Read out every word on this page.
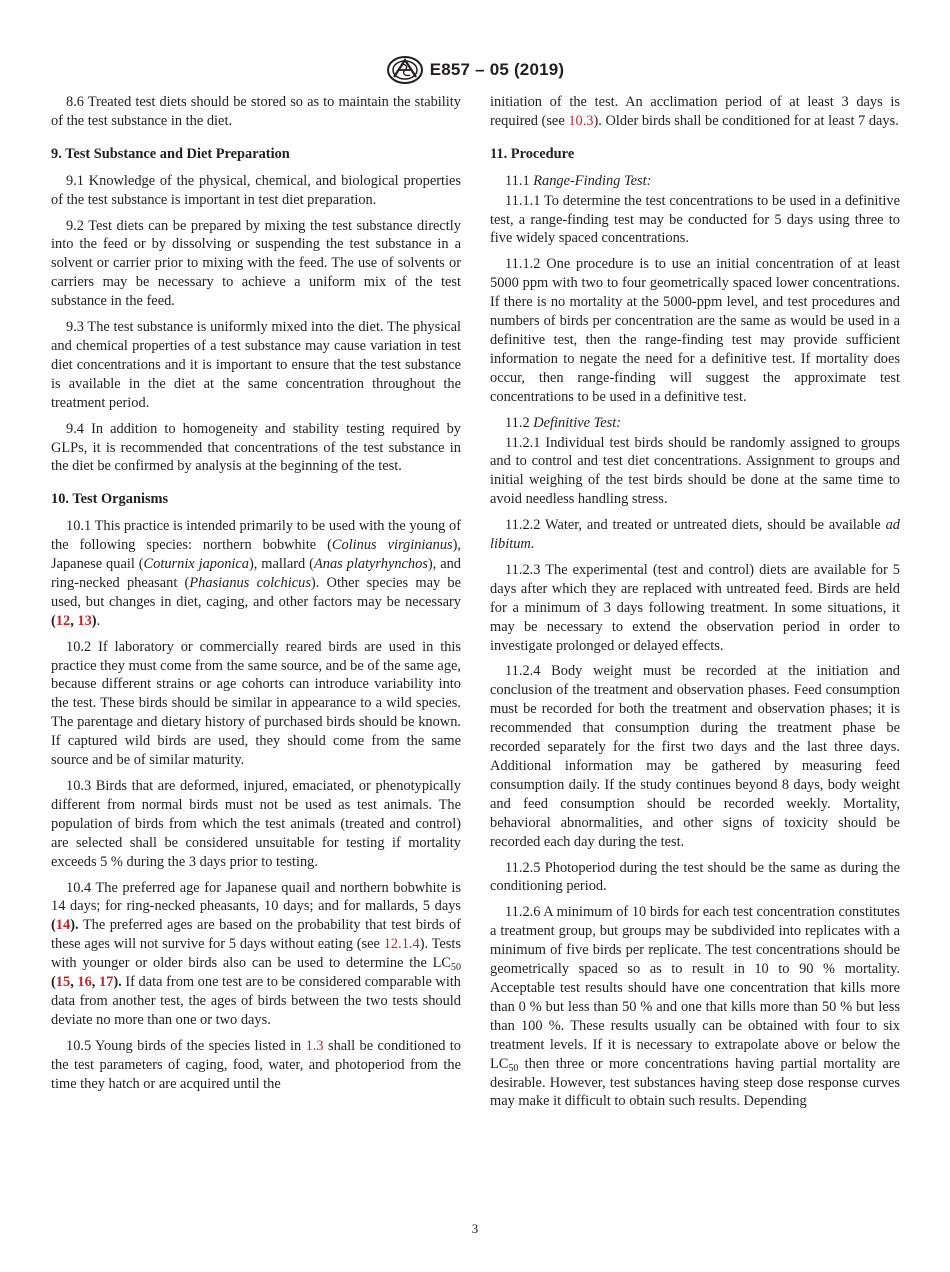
E857 – 05 (2019)

8.6 Treated test diets should be stored so as to maintain the stability of the test substance in the diet.

9. Test Substance and Diet Preparation

9.1 Knowledge of the physical, chemical, and biological properties of the test substance is important in test diet preparation.

9.2 Test diets can be prepared by mixing the test substance directly into the feed or by dissolving or suspending the test substance in a solvent or carrier prior to mixing with the feed. The use of solvents or carriers may be necessary to achieve a uniform mix of the test substance in the feed.

9.3 The test substance is uniformly mixed into the diet. The physical and chemical properties of a test substance may cause variation in test diet concentrations and it is important to ensure that the test substance is available in the diet at the same concentration throughout the treatment period.

9.4 In addition to homogeneity and stability testing required by GLPs, it is recommended that concentrations of the test substance in the diet be confirmed by analysis at the beginning of the test.

10. Test Organisms

10.1 This practice is intended primarily to be used with the young of the following species: northern bobwhite (Colinus virginianus), Japanese quail (Coturnix japonica), mallard (Anas platyrhynchos), and ring-necked pheasant (Phasianus colchicus). Other species may be used, but changes in diet, caging, and other factors may be necessary (12, 13).

10.2 If laboratory or commercially reared birds are used in this practice they must come from the same source, and be of the same age, because different strains or age cohorts can introduce variability into the test. These birds should be similar in appearance to a wild species. The parentage and dietary history of purchased birds should be known. If captured wild birds are used, they should come from the same source and be of similar maturity.

10.3 Birds that are deformed, injured, emaciated, or phenotypically different from normal birds must not be used as test animals. The population of birds from which the test animals (treated and control) are selected shall be considered unsuitable for testing if mortality exceeds 5 % during the 3 days prior to testing.

10.4 The preferred age for Japanese quail and northern bobwhite is 14 days; for ring-necked pheasants, 10 days; and for mallards, 5 days (14). The preferred ages are based on the probability that test birds of these ages will not survive for 5 days without eating (see 12.1.4). Tests with younger or older birds also can be used to determine the $LC_{50}$ (15, 16, 17). If data from one test are to be considered comparable with data from another test, the ages of birds between the two tests should deviate no more than one or two days.

10.5 Young birds of the species listed in 1.3 shall be conditioned to the test parameters of caging, food, water, and photoperiod from the time they hatch or are acquired until the

initiation of the test. An acclimation period of at least 3 days is required (see 10.3). Older birds shall be conditioned for at least 7 days.

11. Procedure

11.1 Range-Finding Test:

11.1.1 To determine the test concentrations to be used in a definitive test, a range-finding test may be conducted for 5 days using three to five widely spaced concentrations.

11.1.2 One procedure is to use an initial concentration of at least 5000 ppm with two to four geometrically spaced lower concentrations. If there is no mortality at the 5000-ppm level, and test procedures and numbers of birds per concentration are the same as would be used in a definitive test, then the range-finding test may provide sufficient information to negate the need for a definitive test. If mortality does occur, then range-finding will suggest the approximate test concentrations to be used in a definitive test.

11.2 Definitive Test:

11.2.1 Individual test birds should be randomly assigned to groups and to control and test diet concentrations. Assignment to groups and initial weighing of the test birds should be done at the same time to avoid needless handling stress.

11.2.2 Water, and treated or untreated diets, should be available ad libitum.

11.2.3 The experimental (test and control) diets are available for 5 days after which they are replaced with untreated feed. Birds are held for a minimum of 3 days following treatment. In some situations, it may be necessary to extend the observation period in order to investigate prolonged or delayed effects.

11.2.4 Body weight must be recorded at the initiation and conclusion of the treatment and observation phases. Feed consumption must be recorded for both the treatment and observation phases; it is recommended that consumption during the treatment phase be recorded separately for the first two days and the last three days. Additional information may be gathered by measuring feed consumption daily. If the study continues beyond 8 days, body weight and feed consumption should be recorded weekly. Mortality, behavioral abnormalities, and other signs of toxicity should be recorded each day during the test.

11.2.5 Photoperiod during the test should be the same as during the conditioning period.

11.2.6 A minimum of 10 birds for each test concentration constitutes a treatment group, but groups may be subdivided into replicates with a minimum of five birds per replicate. The test concentrations should be geometrically spaced so as to result in 10 to 90 % mortality. Acceptable test results should have one concentration that kills more than 0 % but less than 50 % and one that kills more than 50 % but less than 100 %. These results usually can be obtained with four to six treatment levels. If it is necessary to extrapolate above or below the $LC_{50}$ then three or more concentrations having partial mortality are desirable. However, test substances having steep dose response curves may make it difficult to obtain such results. Depending

3
